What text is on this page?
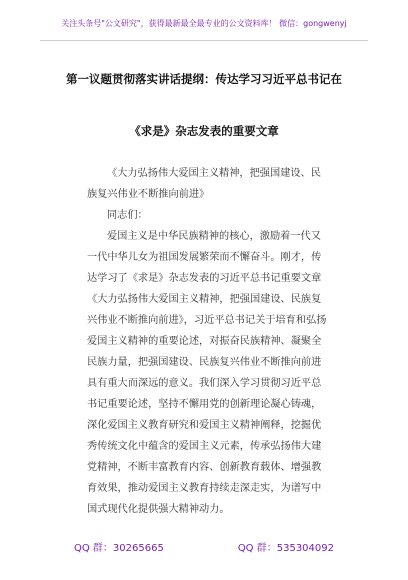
关注头条号"公文研究"，获得最新最全最专业的公文资料库！ 微信：gongwenyj
第一议题贯彻落实讲话提纲：传达学习习近平总书记在
《求是》杂志发表的重要文章

《大力弘扬伟大爱国主义精神，把强国建设、民族复兴伟业不断推向前进》

同志们：

爱国主义是中华民族精神的核心，激励着一代又一代中华儿女为祖国发展繁荣而不懈奋斗。刚才，传达学习了《求是》杂志发表的习近平总书记重要文章《大力弘扬伟大爱国主义精神，把强国建设、民族复兴伟业不断推向前进》，习近平总书记关于培育和弘扬爱国主义精神的重要论述，对振奋民族精神、凝聚全民族力量，把强国建设、民族复兴伟业不断推向前进具有重大而深远的意义。我们深入学习贯彻习近平总书记重要论述，坚持不懈用党的创新理论凝心铸魂，深化爱国主义教育研究和爱国主义精神阐释，挖掘优秀传统文化中蕴含的爱国主义元素，传承弘扬伟大建党精神，不断丰富教育内容、创新教育载体、增强教育效果，推动爱国主义教育持续走深走实，为谱写中国式现代化提供强大精神动力。

QQ 群：30265665	QQ 群：535304092
